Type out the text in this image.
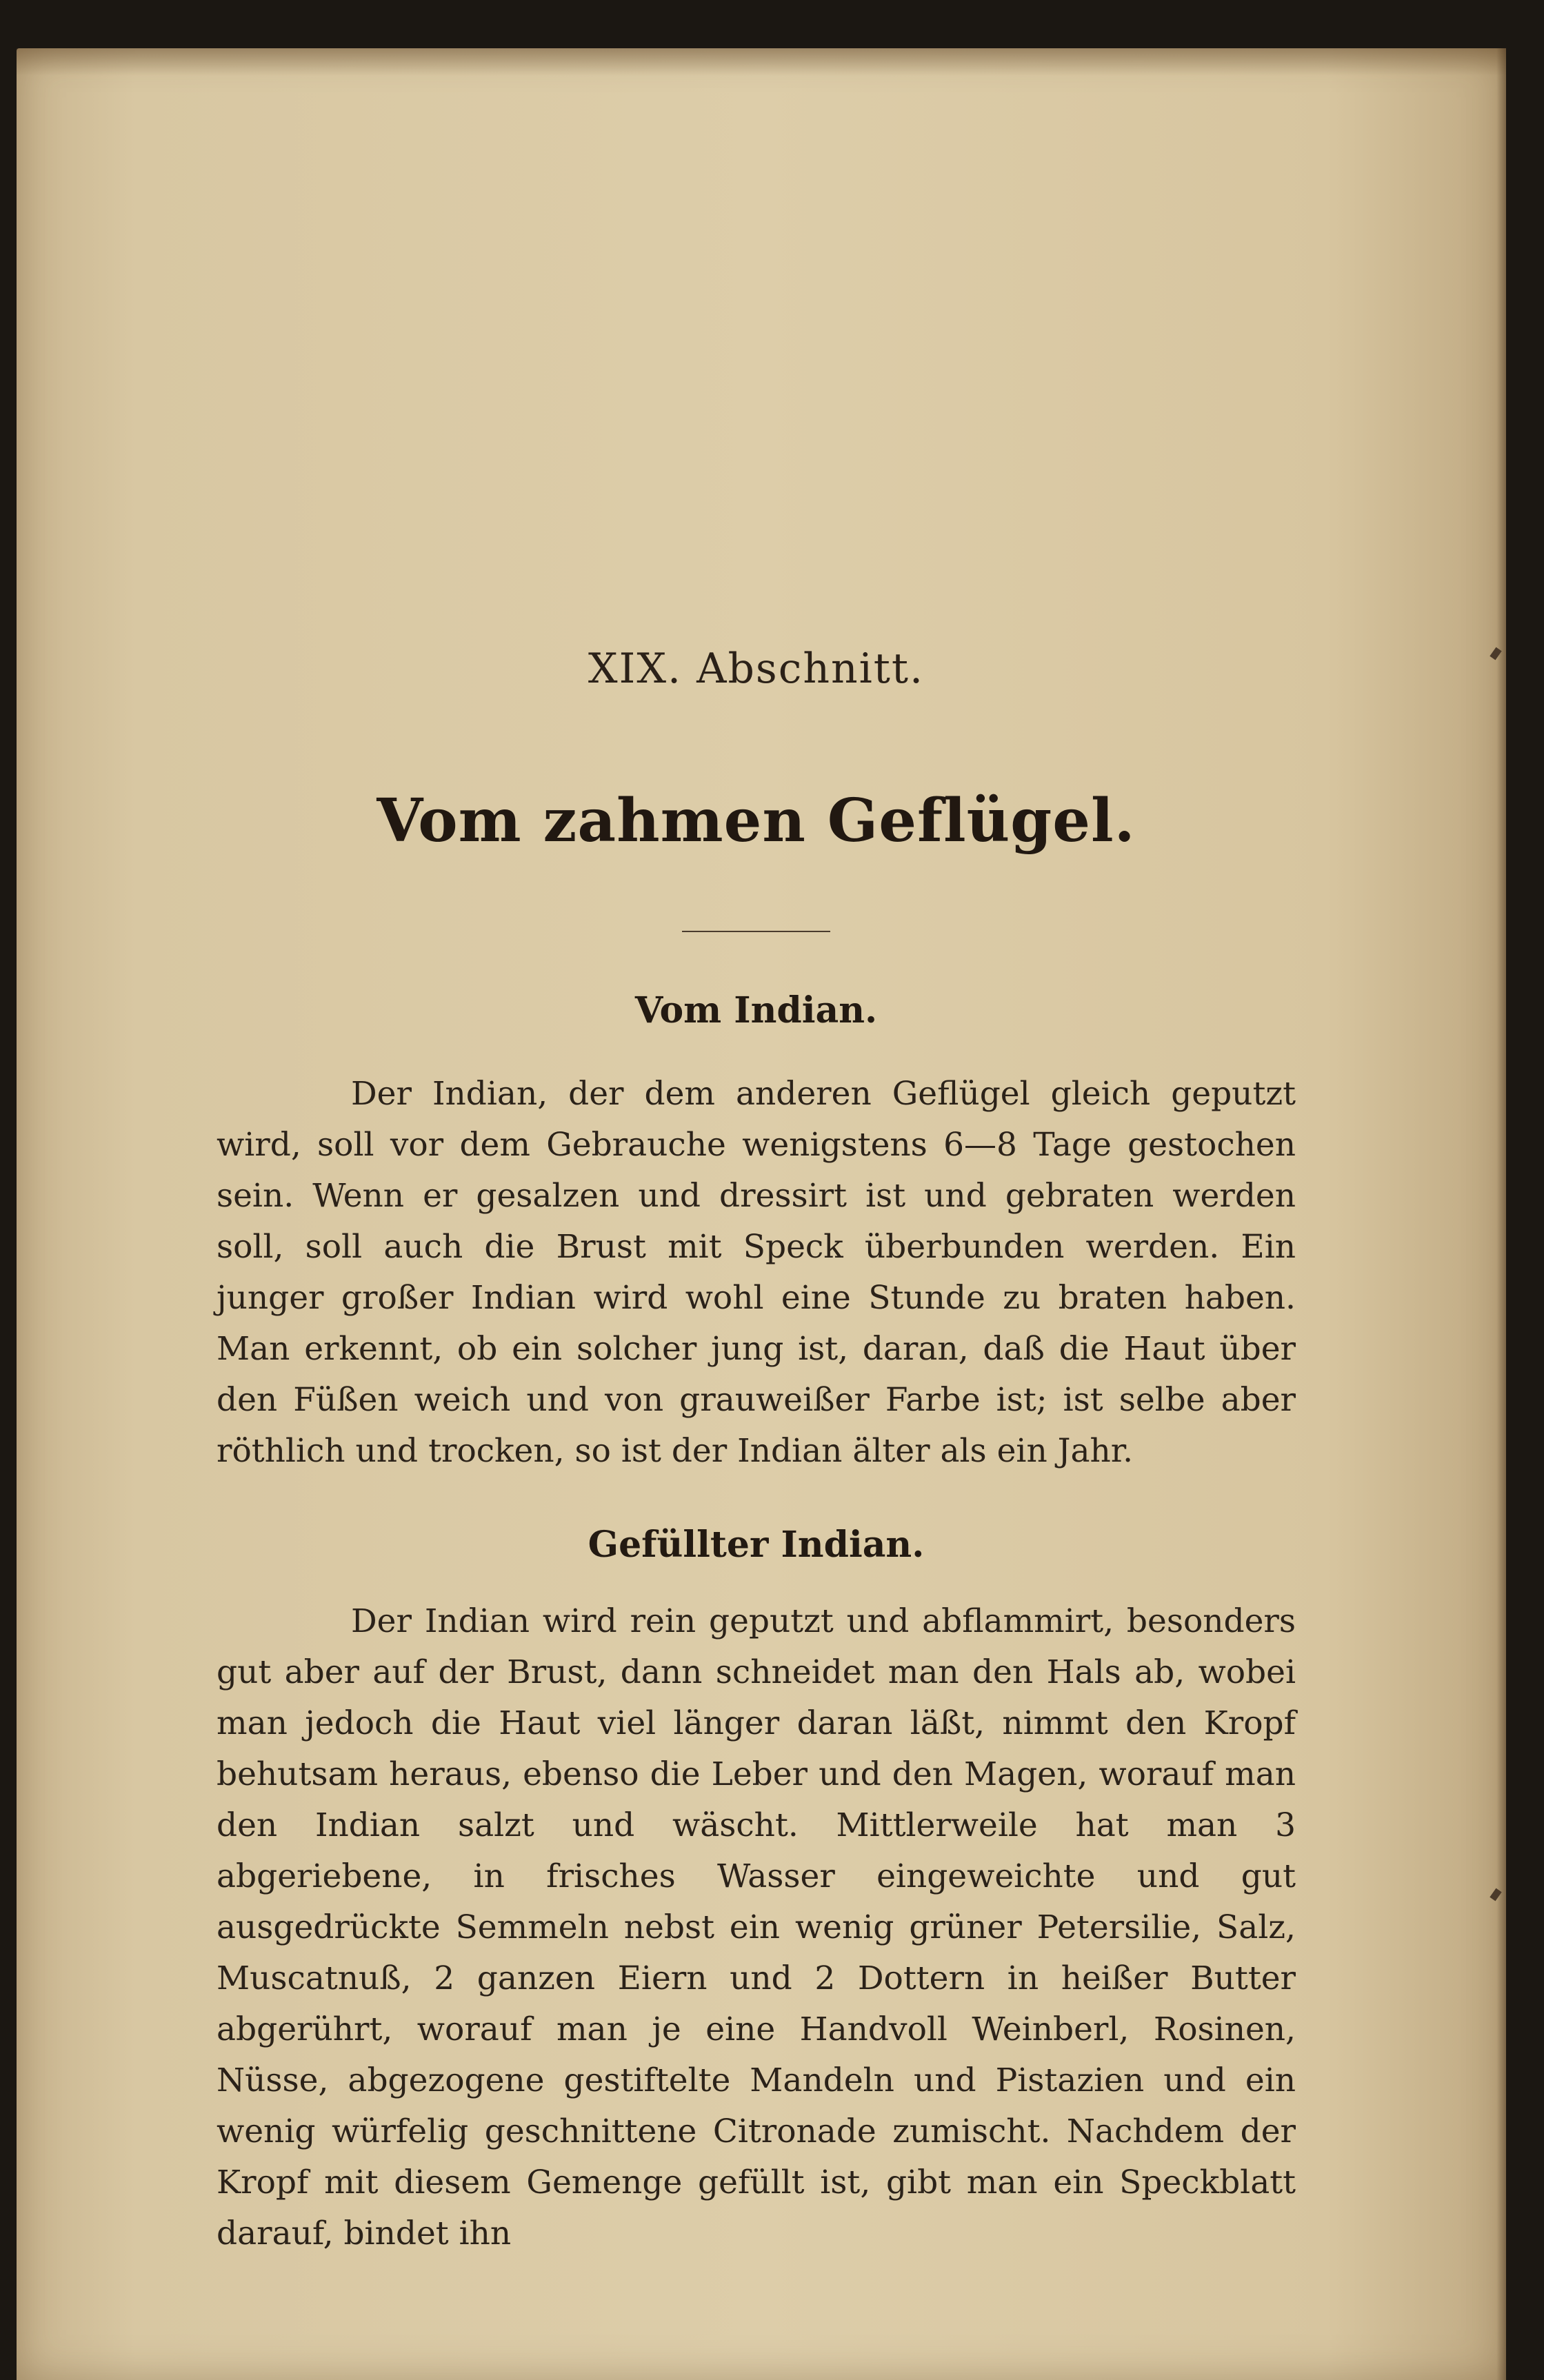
XIX. Abschnitt.
Vom zahmen Geflügel.
Vom Indian.

Der Indian, der dem anderen Geflügel gleich geputzt wird, soll vor dem Gebrauche wenigstens 6—8 Tage gestochen sein. Wenn er gesalzen und dressirt ist und gebraten werden soll, soll auch die Brust mit Speck überbunden werden. Ein junger großer Indian wird wohl eine Stunde zu braten haben. Man erkennt, ob ein solcher jung ist, daran, daß die Haut über den Füßen weich und von grauweißer Farbe ist; ist selbe aber röthlich und trocken, so ist der Indian älter als ein Jahr.

Gefüllter Indian.

Der Indian wird rein geputzt und abflammirt, besonders gut aber auf der Brust, dann schneidet man den Hals ab, wobei man jedoch die Haut viel länger daran läßt, nimmt den Kropf behutsam heraus, ebenso die Leber und den Magen, worauf man den Indian salzt und wäscht. Mittlerweile hat man 3 abgeriebene, in frisches Wasser eingeweichte und gut ausgedrückte Semmeln nebst ein wenig grüner Petersilie, Salz, Muscatnuß, 2 ganzen Eiern und 2 Dottern in heißer Butter abgerührt, worauf man je eine Handvoll Weinberl, Rosinen, Nüsse, abgezogene gestiftelte Mandeln und Pistazien und ein wenig würfelig geschnittene Citronade zumischt. Nachdem der Kropf mit diesem Gemenge gefüllt ist, gibt man ein Speckblatt darauf, bindet ihn
